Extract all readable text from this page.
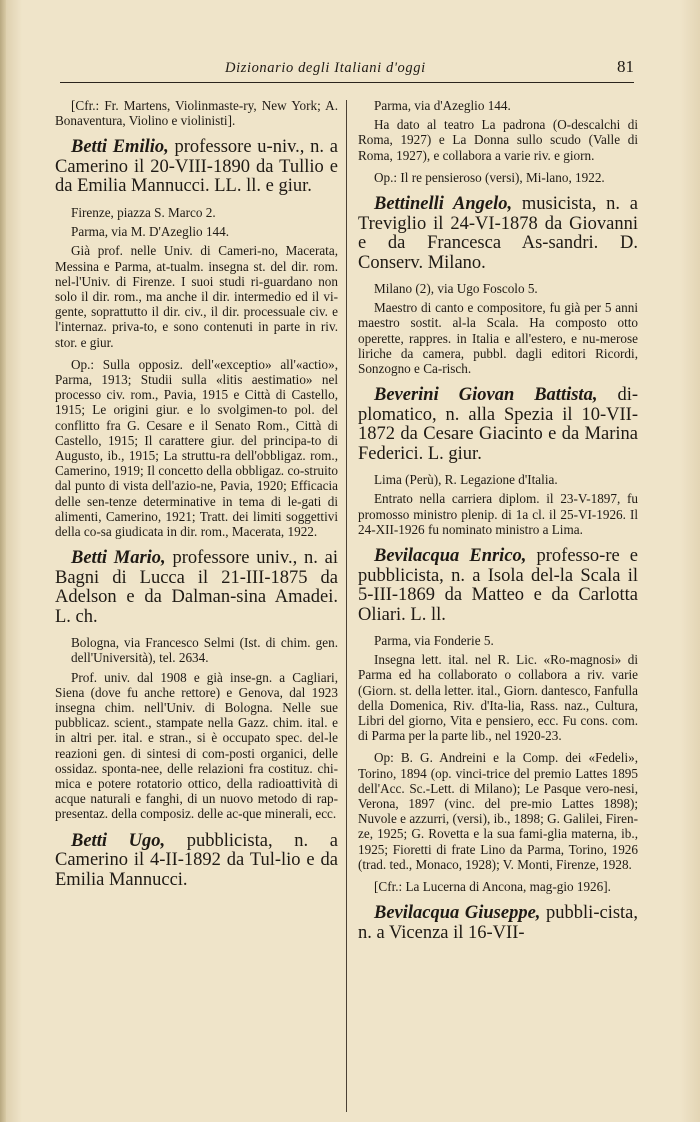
Dizionario degli Italiani d'oggi	81

[Cfr.: Fr. Martens, Violinmaste-ry, New York; A. Bonaventura, Violino e violinisti].

Betti Emilio, professore u-niv., n. a Camerino il 20-VIII-1890 da Tullio e da Emilia Mannucci. LL. ll. e giur.

Firenze, piazza S. Marco 2.

Parma, via M. D'Azeglio 144.

Già prof. nelle Univ. di Cameri-no, Macerata, Messina e Parma, at-tualm. insegna st. del dir. rom. nel-l'Univ. di Firenze. I suoi studi ri-guardano non solo il dir. rom., ma anche il dir. intermedio ed il vi-gente, soprattutto il dir. civ., il dir. processuale civ. e l'internaz. priva-to, e sono contenuti in parte in riv. stor. e giur.

Op.: Sulla opposiz. dell'«exceptio» all'«actio», Parma, 1913; Studii sulla «litis aestimatio» nel processo civ. rom., Pavia, 1915 e Città di Castello, 1915; Le origini giur. e lo svolgimen-to pol. del conflitto fra G. Cesare e il Senato Rom., Città di Castello, 1915; Il carattere giur. del principa-to di Augusto, ib., 1915; La struttu-ra dell'obbligaz. rom., Camerino, 1919; Il concetto della obbligaz. co-struito dal punto di vista dell'azio-ne, Pavia, 1920; Efficacia delle sen-tenze determinative in tema di le-gati di alimenti, Camerino, 1921; Tratt. dei limiti soggettivi della co-sa giudicata in dir. rom., Macerata, 1922.

Betti Mario, professore univ., n. ai Bagni di Lucca il 21-III-1875 da Adelson e da Dalman-sina Amadei. L. ch.

Bologna, via Francesco Selmi (Ist. di chim. gen. dell'Università), tel. 2634.

Prof. univ. dal 1908 e già inse-gn. a Cagliari, Siena (dove fu anche rettore) e Genova, dal 1923 insegna chim. nell'Univ. di Bologna. Nelle sue pubblicaz. scient., stampate nella Gazz. chim. ital. e in altri per. ital. e stran., si è occupato spec. del-le reazioni gen. di sintesi di com-posti organici, delle ossidaz. sponta-nee, delle relazioni fra costituz. chi-mica e potere rotatorio ottico, della radioattività di acque naturali e fanghi, di un nuovo metodo di rap-presentaz. della composiz. delle ac-que minerali, ecc.

Betti Ugo, pubblicista, n. a Camerino il 4-II-1892 da Tul-lio e da Emilia Mannucci.

Parma, via d'Azeglio 144.

Ha dato al teatro La padrona (O-descalchi di Roma, 1927) e La Donna sullo scudo (Valle di Roma, 1927), e collabora a varie riv. e giorn.

Op.: Il re pensieroso (versi), Mi-lano, 1922.

Bettinelli Angelo, musicista, n. a Treviglio il 24-VI-1878 da Giovanni e da Francesca As-sandri. D. Conserv. Milano.

Milano (2), via Ugo Foscolo 5.

Maestro di canto e compositore, fu già per 5 anni maestro sostit. al-la Scala. Ha composto otto operette, rappres. in Italia e all'estero, e nu-merose liriche da camera, pubbl. dagli editori Ricordi, Sonzogno e Ca-risch.

Beverini Giovan Battista, di-plomatico, n. alla Spezia il 10-VII-1872 da Cesare Giacinto e da Marina Federici. L. giur.

Lima (Perù), R. Legazione d'Italia.

Entrato nella carriera diplom. il 23-V-1897, fu promosso ministro plenip. di 1a cl. il 25-VI-1926. Il 24-XII-1926 fu nominato ministro a Lima.

Bevilacqua Enrico, professo-re e pubblicista, n. a Isola del-la Scala il 5-III-1869 da Matteo e da Carlotta Oliari. L. ll.

Parma, via Fonderie 5.

Insegna lett. ital. nel R. Lic. «Ro-magnosi» di Parma ed ha collaborato o collabora a riv. varie (Giorn. st. della letter. ital., Giorn. dantesco, Fanfulla della Domenica, Riv. d'Ita-lia, Rass. naz., Cultura, Libri del giorno, Vita e pensiero, ecc. Fu cons. com. di Parma per la parte lib., nel 1920-23.

Op: B. G. Andreini e la Comp. dei «Fedeli», Torino, 1894 (op. vinci-trice del premio Lattes 1895 dell'Acc. Sc.-Lett. di Milano); Le Pasque vero-nesi, Verona, 1897 (vinc. del pre-mio Lattes 1898); Nuvole e azzurri, (versi), ib., 1898; G. Galilei, Firen-ze, 1925; G. Rovetta e la sua fami-glia materna, ib., 1925; Fioretti di frate Lino da Parma, Torino, 1926 (trad. ted., Monaco, 1928); V. Monti, Firenze, 1928.

[Cfr.: La Lucerna di Ancona, mag-gio 1926].

Bevilacqua Giuseppe, pubbli-cista, n. a Vicenza il 16-VII-
